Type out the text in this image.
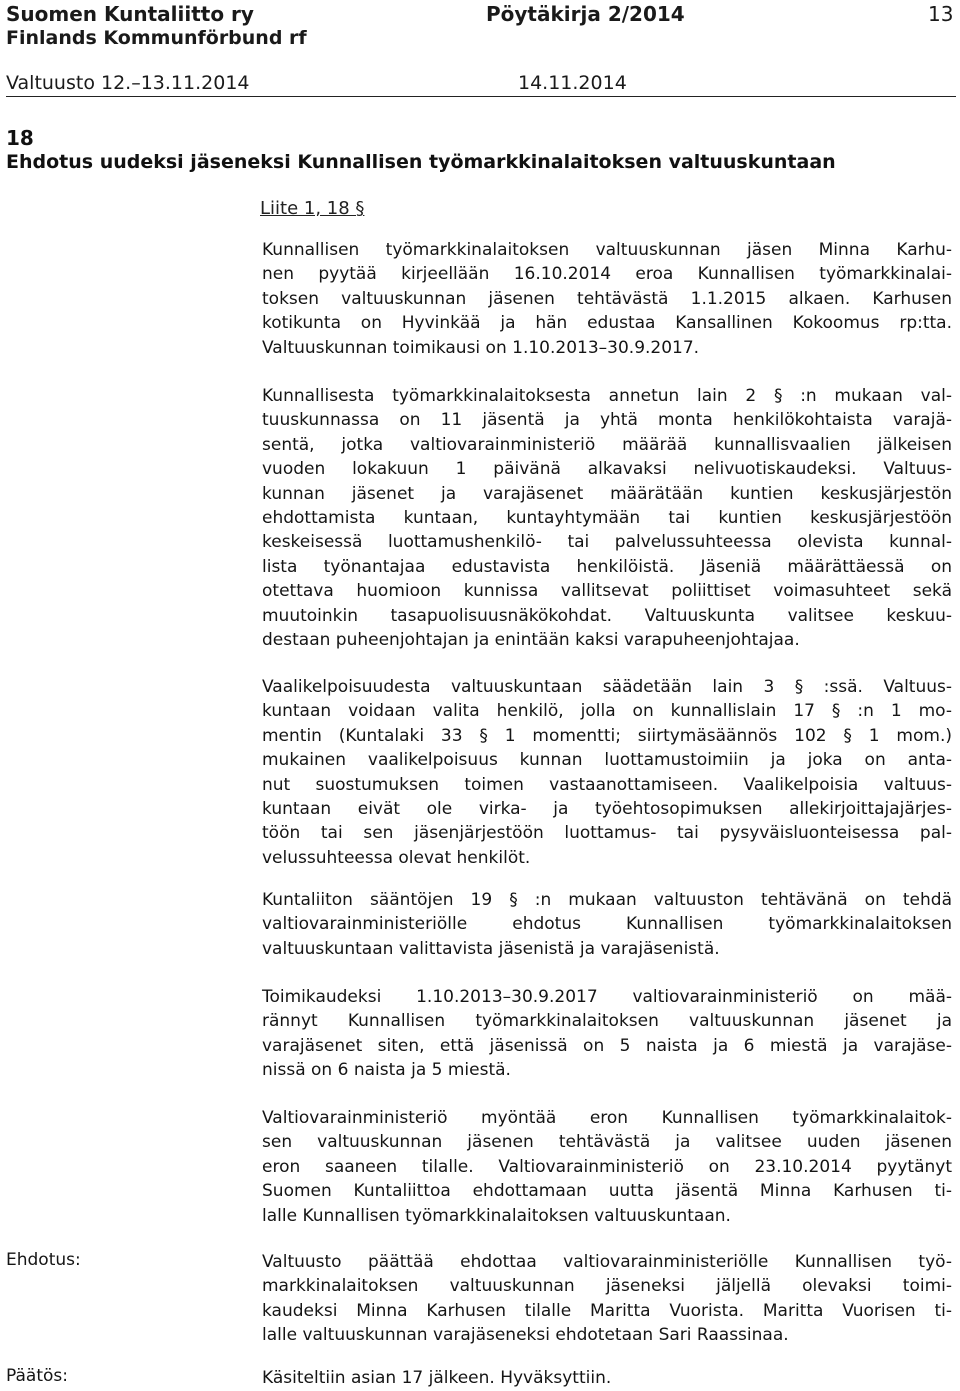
Suomen Kuntaliitto ry
Finlands Kommunförbund rf
Pöytäkirja 2/2014	13
Valtuusto 12.–13.11.2014	14.11.2014
18
Ehdotus uudeksi jäseneksi Kunnallisen työmarkkinalaitoksen valtuuskuntaan
Liite 1, 18 §
Kunnallisen työmarkkinalaitoksen valtuuskunnan jäsen Minna Karhu-
nen pyytää kirjeellään 16.10.2014 eroa Kunnallisen työmarkkinalai-
toksen valtuuskunnan jäsenen tehtävästä 1.1.2015 alkaen. Karhusen
kotikunta on Hyvinkää ja hän edustaa Kansallinen Kokoomus rp:tta.
Valtuuskunnan toimikausi on 1.10.2013–30.9.2017.
Kunnallisesta työmarkkinalaitoksesta annetun lain 2 § :n mukaan val-
tuuskunnassa on 11 jäsentä ja yhtä monta henkilökohtaista varajä-
sentä, jotka valtiovarainministeriö määrää kunnallisvaalien jälkeisen
vuoden lokakuun 1 päivänä alkavaksi nelivuotiskaudeksi. Valtuus-
kunnan jäsenet ja varajäsenet määrätään kuntien keskusjärjestön
ehdottamista kuntaan, kuntayhtymään tai kuntien keskusjärjestöön
keskeisessä luottamushenkilö- tai palvelussuhteessa olevista kunnal-
lista työnantajaa edustavista henkilöistä. Jäseniä määrättäessä on
otettava huomioon kunnissa vallitsevat poliittiset voimasuhteet sekä
muutoinkin tasapuolisuusnäkökohdat. Valtuuskunta valitsee keskuu-
destaan puheenjohtajan ja enintään kaksi varapuheenjohtajaa.
Vaalikelpoisuudesta valtuuskuntaan säädetään lain 3 § :ssä. Valtuus-
kuntaan voidaan valita henkilö, jolla on kunnallislain 17 § :n 1 mo-
mentin (Kuntalaki 33 § 1 momentti; siirtymäsäännös 102 § 1 mom.)
mukainen vaalikelpoisuus kunnan luottamustoimiin ja joka on anta-
nut suostumuksen toimen vastaanottamiseen. Vaalikelpoisia valtuus-
kuntaan eivät ole virka- ja työehtosopimuksen allekirjoittajajärjes-
töön tai sen jäsenjärjestöön luottamus- tai pysyväisluonteisessa pal-
velussuhteessa olevat henkilöt.
Kuntaliiton sääntöjen 19 § :n mukaan valtuuston tehtävänä on tehdä
valtiovarainministeriölle ehdotus Kunnallisen työmarkkinalaitoksen
valtuuskuntaan valittavista jäsenistä ja varajäsenistä.
Toimikaudeksi 1.10.2013–30.9.2017 valtiovarainministeriö on mää-
rännyt Kunnallisen työmarkkinalaitoksen valtuuskunnan jäsenet ja
varajäsenet siten, että jäsenissä on 5 naista ja 6 miestä ja varajäse-
nissä on 6 naista ja 5 miestä.
Valtiovarainministeriö myöntää eron Kunnallisen työmarkkinalaitok-
sen valtuuskunnan jäsenen tehtävästä ja valitsee uuden jäsenen
eron saaneen tilalle. Valtiovarainministeriö on 23.10.2014 pyytänyt
Suomen Kuntaliittoa ehdottamaan uutta jäsentä Minna Karhusen ti-
lalle Kunnallisen työmarkkinalaitoksen valtuuskuntaan.
Ehdotus:	Valtuusto päättää ehdottaa valtiovarainministeriölle Kunnallisen työ-
markkinalaitoksen valtuuskunnan jäseneksi jäljellä olevaksi toimi-
kaudeksi Minna Karhusen tilalle Maritta Vuorista. Maritta Vuorisen ti-
lalle valtuuskunnan varajäseneksi ehdotetaan Sari Raassinaa.
Päätös:	Käsiteltiin asian 17 jälkeen. Hyväksyttiin.
